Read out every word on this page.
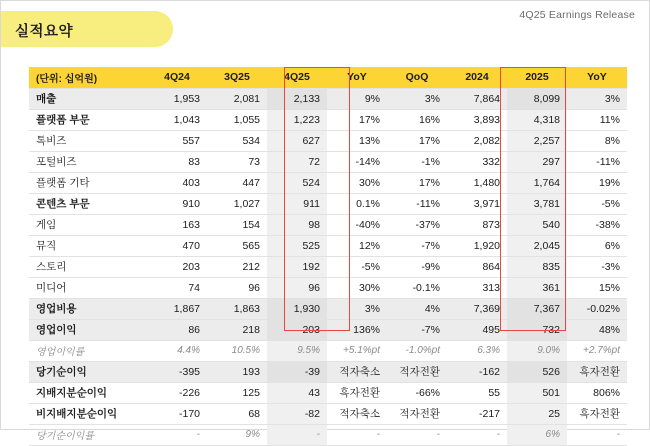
4Q25 Earnings Release
실적요약
(단위: 십억원)	4Q24	3Q25	4Q25	YoY	QoQ	2024	2025	YoY
매출	1,953	2,081	2,133	9%	3%	7,864	8,099	3%
플랫폼 부문	1,043	1,055	1,223	17%	16%	3,893	4,318	11%
톡비즈	557	534	627	13%	17%	2,082	2,257	8%
포털비즈	83	73	72	-14%	-1%	332	297	-11%
플랫폼 기타	403	447	524	30%	17%	1,480	1,764	19%
콘텐츠 부문	910	1,027	911	0.1%	-11%	3,971	3,781	-5%
게임	163	154	98	-40%	-37%	873	540	-38%
뮤직	470	565	525	12%	-7%	1,920	2,045	6%
스토리	203	212	192	-5%	-9%	864	835	-3%
미디어	74	96	96	30%	-0.1%	313	361	15%
영업비용	1,867	1,863	1,930	3%	4%	7,369	7,367	-0.02%
영업이익	86	218	203	136%	-7%	495	732	48%
영업이익률	4.4%	10.5%	9.5%	+5.1%pt	-1.0%pt	6.3%	9.0%	+2.7%pt
당기순이익	-395	193	-39	적자축소	적자전환	-162	526	흑자전환
지배지분순이익	-226	125	43	흑자전환	-66%	55	501	806%
비지배지분순이익	-170	68	-82	적자축소	적자전환	-217	25	흑자전환
당기순이익률	-	9%	-	-	-	-	6%	-
